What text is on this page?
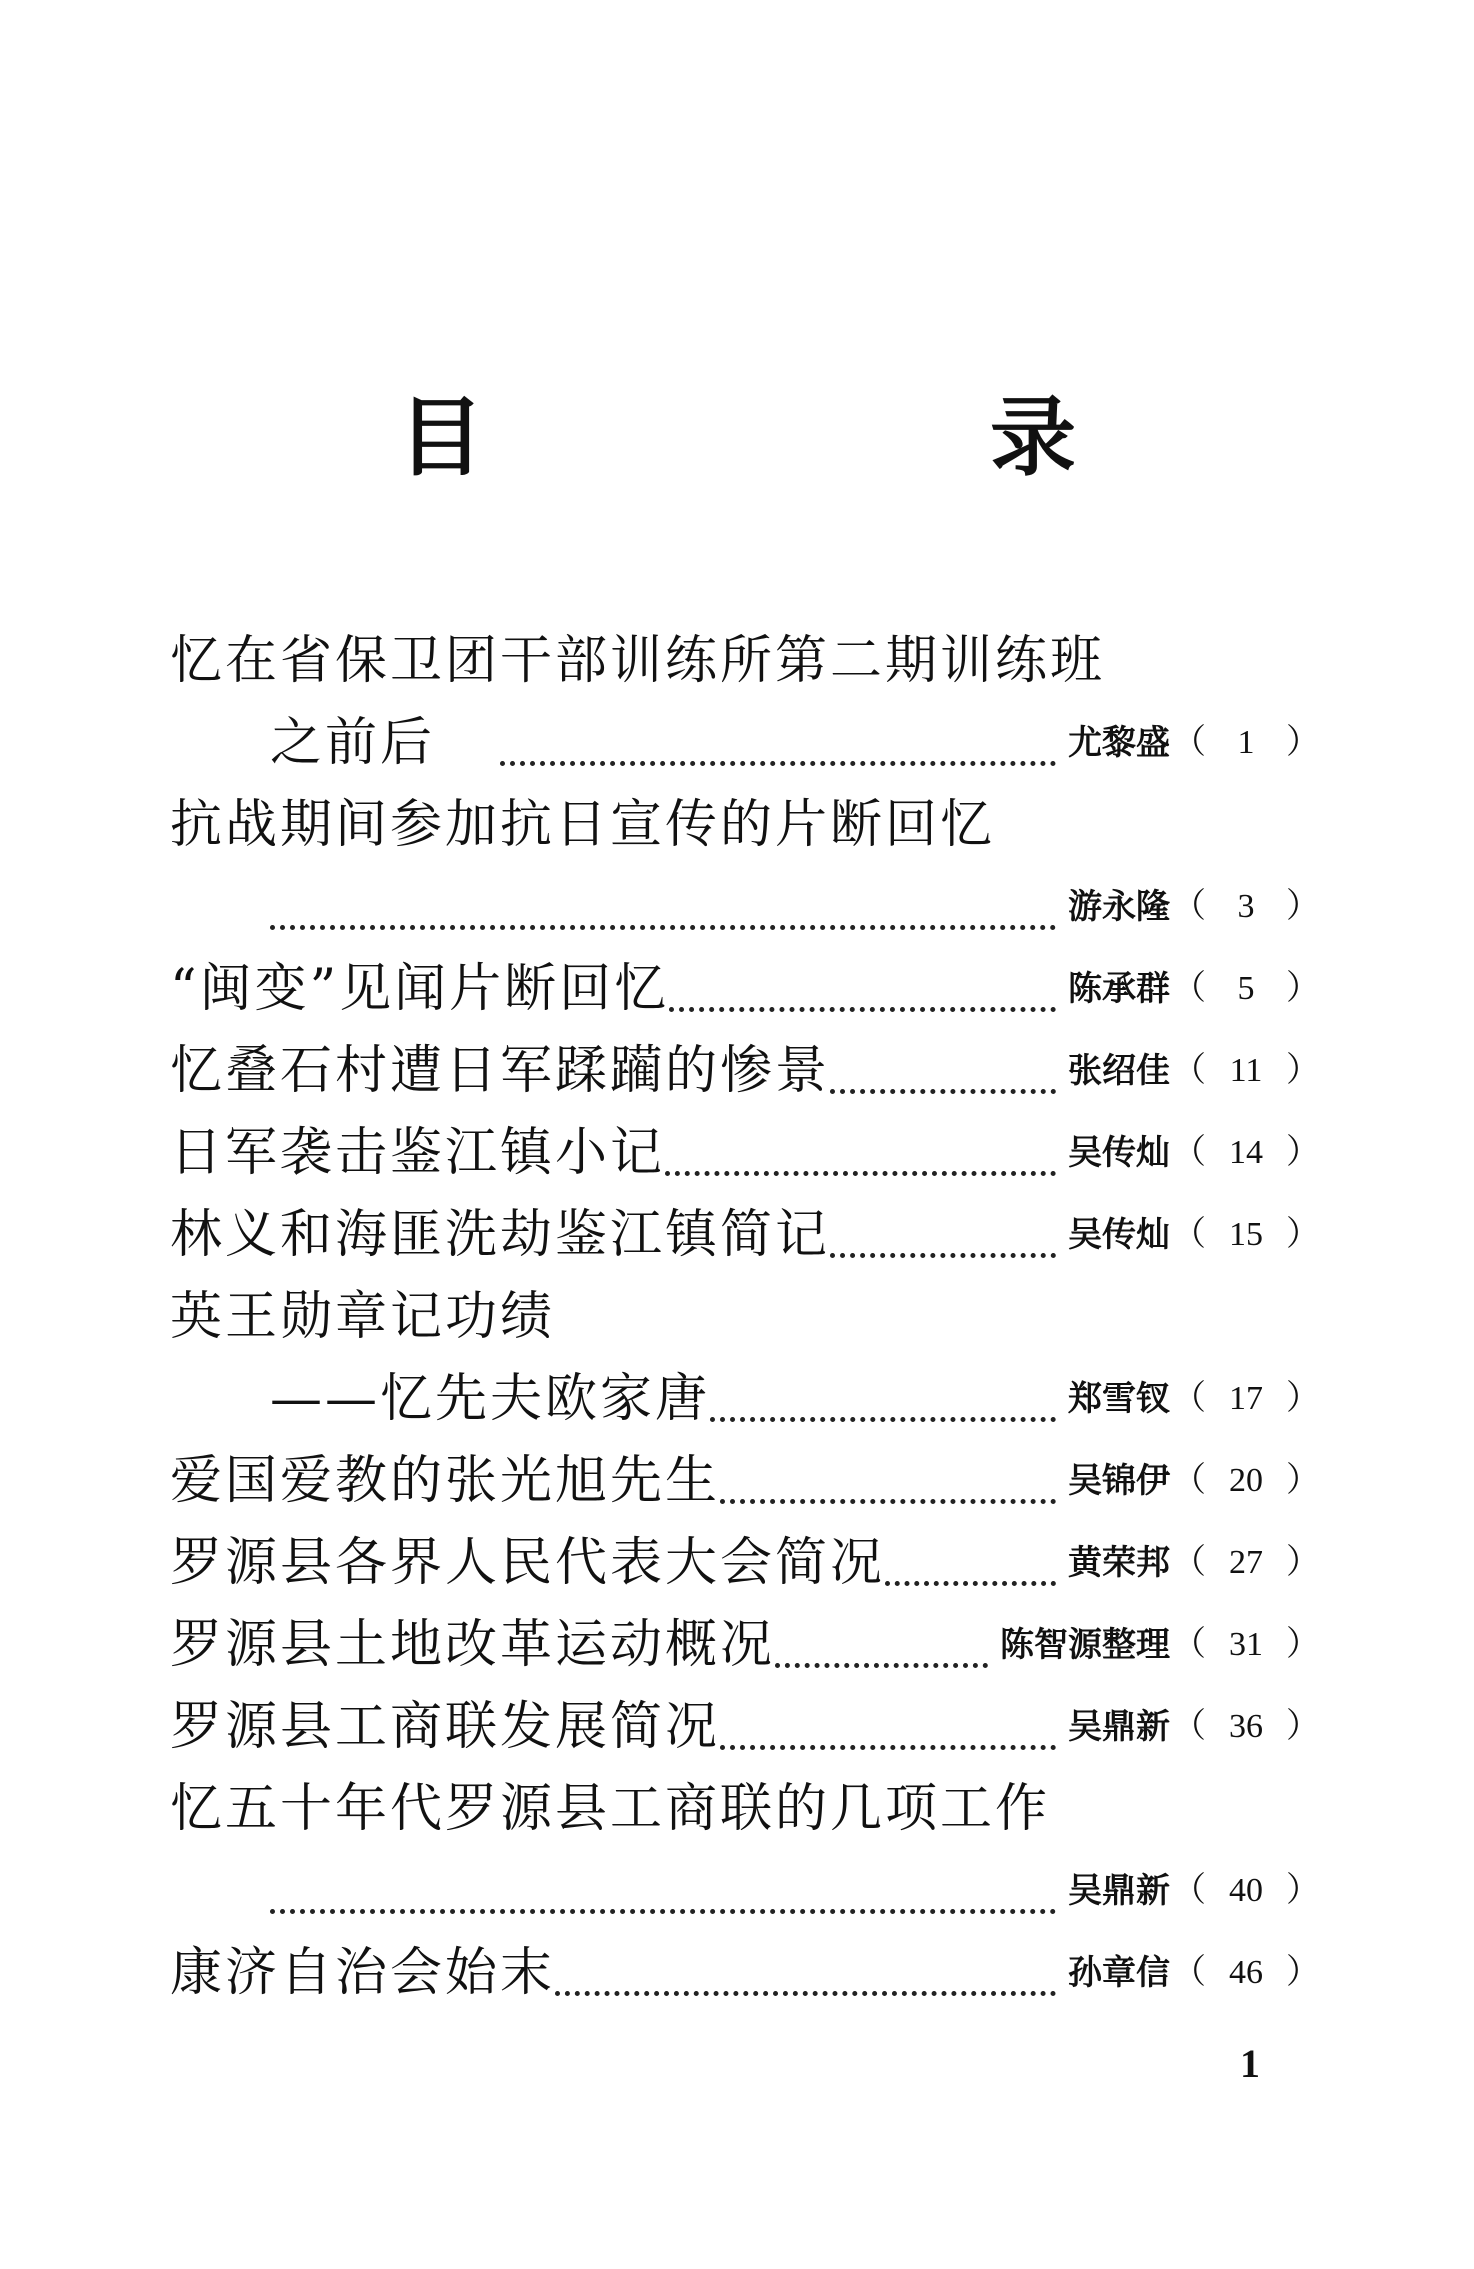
目　录
忆在省保卫团干部训练所第二期训练班
之前后	尤黎盛 （ 1 ）
抗战期间参加抗日宣传的片断回忆
游永隆 （ 3 ）
“闽变”见闻片断回忆	陈承群 （ 5 ）
忆叠石村遭日军蹂躏的惨景	张绍佳 （ 11 ）
日军袭击鉴江镇小记	吴传灿 （ 14 ）
林义和海匪洗劫鉴江镇简记	吴传灿 （ 15 ）
英王勋章记功绩
——忆先夫欧家唐	郑雪钗 （ 17 ）
爱国爱教的张光旭先生	吴锦伊 （ 20 ）
罗源县各界人民代表大会简况	黄荣邦 （ 27 ）
罗源县土地改革运动概况	陈智源整理 （ 31 ）
罗源县工商联发展简况	吴鼎新 （ 36 ）
忆五十年代罗源县工商联的几项工作
吴鼎新 （ 40 ）
康济自治会始末	孙章信 （ 46 ）
1
